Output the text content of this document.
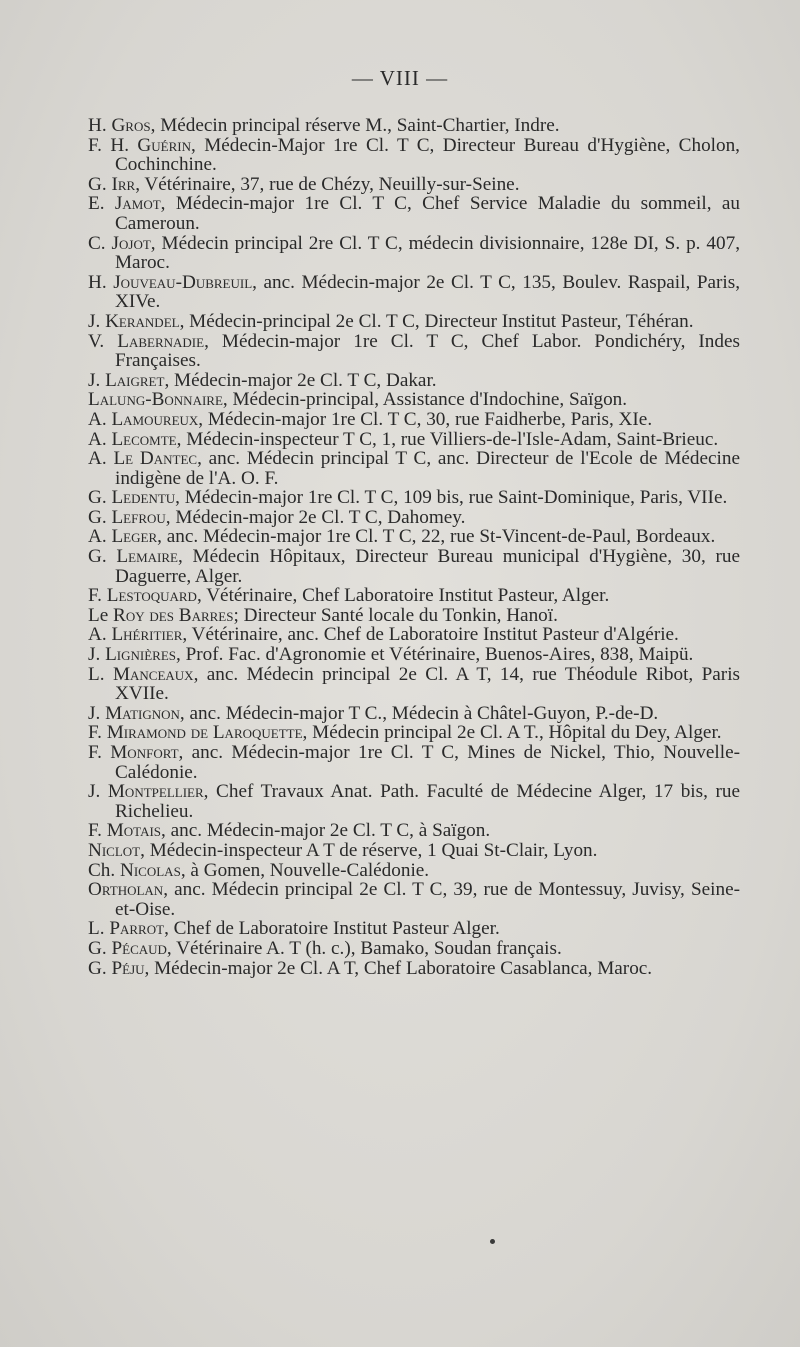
— VIII —
H. Gros, Médecin principal réserve M., Saint-Chartier, Indre.
F. H. Guérin, Médecin-Major 1re Cl. T C, Directeur Bureau d'Hygiène, Cholon, Cochinchine.
G. Irr, Vétérinaire, 37, rue de Chézy, Neuilly-sur-Seine.
E. Jamot, Médecin-major 1re Cl. T C, Chef Service Maladie du sommeil, au Cameroun.
C. Jojot, Médecin principal 2re Cl. T C, médecin divisionnaire, 128e DI, S. p. 407, Maroc.
H. Jouveau-Dubreuil, anc. Médecin-major 2e Cl. T C, 135, Boulev. Raspail, Paris, XIVe.
J. Kerandel, Médecin-principal 2e Cl. T C, Directeur Institut Pasteur, Téhéran.
V. Labernadie, Médecin-major 1re Cl. T C, Chef Labor. Pondichéry, Indes Françaises.
J. Laigret, Médecin-major 2e Cl. T C, Dakar.
Lalung-Bonnaire, Médecin-principal, Assistance d'Indochine, Saïgon.
A. Lamoureux, Médecin-major 1re Cl. T C, 30, rue Faidherbe, Paris, XIe.
A. Lecomte, Médecin-inspecteur T C, 1, rue Villiers-de-l'Isle-Adam, Saint-Brieuc.
A. Le Dantec, anc. Médecin principal T C, anc. Directeur de l'Ecole de Médecine indigène de l'A. O. F.
G. Ledentu, Médecin-major 1re Cl. T C, 109 bis, rue Saint-Dominique, Paris, VIIe.
G. Lefrou, Médecin-major 2e Cl. T C, Dahomey.
A. Leger, anc. Médecin-major 1re Cl. T C, 22, rue St-Vincent-de-Paul, Bordeaux.
G. Lemaire, Médecin Hôpitaux, Directeur Bureau municipal d'Hygiène, 30, rue Daguerre, Alger.
F. Lestoquard, Vétérinaire, Chef Laboratoire Institut Pasteur, Alger.
Le Roy des Barres; Directeur Santé locale du Tonkin, Hanoï.
A. Lhéritier, Vétérinaire, anc. Chef de Laboratoire Institut Pasteur d'Algérie.
J. Lignières, Prof. Fac. d'Agronomie et Vétérinaire, Buenos-Aires, 838, Maipü.
L. Manceaux, anc. Médecin principal 2e Cl. A T, 14, rue Théodule Ribot, Paris XVIIe.
J. Matignon, anc. Médecin-major T C., Médecin à Châtel-Guyon, P.-de-D.
F. Miramond de Laroquette, Médecin principal 2e Cl. A T., Hôpital du Dey, Alger.
F. Monfort, anc. Médecin-major 1re Cl. T C, Mines de Nickel, Thio, Nouvelle-Calédonie.
J. Montpellier, Chef Travaux Anat. Path. Faculté de Médecine Alger, 17 bis, rue Richelieu.
F. Motais, anc. Médecin-major 2e Cl. T C, à Saïgon.
Niclot, Médecin-inspecteur A T de réserve, 1 Quai St-Clair, Lyon.
Ch. Nicolas, à Gomen, Nouvelle-Calédonie.
Ortholan, anc. Médecin principal 2e Cl. T C, 39, rue de Montessuy, Juvisy, Seine-et-Oise.
L. Parrot, Chef de Laboratoire Institut Pasteur Alger.
G. Pécaud, Vétérinaire A. T (h. c.), Bamako, Soudan français.
G. Péju, Médecin-major 2e Cl. A T, Chef Laboratoire Casablanca, Maroc.
